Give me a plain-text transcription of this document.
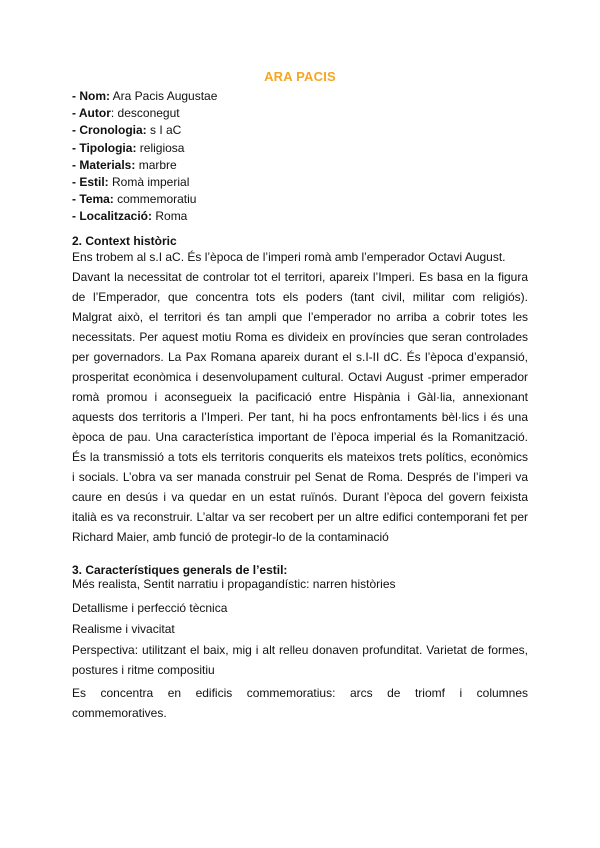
ARA PACIS
- Nom: Ara Pacis Augustae
- Autor: desconegut
- Cronologia: s I aC
- Tipologia: religiosa
- Materials: marbre
- Estil: Romà imperial
- Tema: commemoratiu
- Localització: Roma
2. Context històric
Ens trobem al s.I aC. És l’època de l’imperi romà amb l’emperador Octavi August.
Davant la necessitat de controlar tot el territori, apareix l’Imperi. Es basa en la figura
de l’Emperador, que concentra tots els poders (tant civil, militar com religiós).
Malgrat això, el territori és tan ampli que l’emperador no arriba a cobrir totes les
necessitats. Per aquest motiu Roma es divideix en províncies que seran controlades
per governadors. La Pax Romana apareix durant el s.I-II dC. És l’època d’expansió,
prosperitat econòmica i desenvolupament cultural. Octavi August -primer emperador
romà promou i aconsegueix la pacificació entre Hispània i Gàl·lia, annexionant
aquests dos territoris a l’Imperi. Per tant, hi ha pocs enfrontaments bèl·lics i és una
època de pau. Una característica important de l’època imperial és la Romanització.
És la transmissió a tots els territoris conquerits els mateixos trets polítics, econòmics
i socials. L’obra va ser manada construir pel Senat de Roma. Després de l’imperi va
caure en desús i va quedar en un estat ruïnós. Durant l’època del govern feixista
italià es va reconstruir. L’altar va ser recobert per un altre edifici contemporani fet per
Richard Maier, amb funció de protegir-lo de la contaminació
3. Característiques generals de l’estil:
Més realista, Sentit narratiu i propagandístic: narren històries
Detallisme i perfecció tècnica
Realisme i vivacitat
Perspectiva: utilitzant el baix, mig i alt relleu donaven profunditat. Varietat de formes,
postures i ritme compositiu
Es concentra en edificis commemoratius: arcs de triomf i columnes
commemoratives.
